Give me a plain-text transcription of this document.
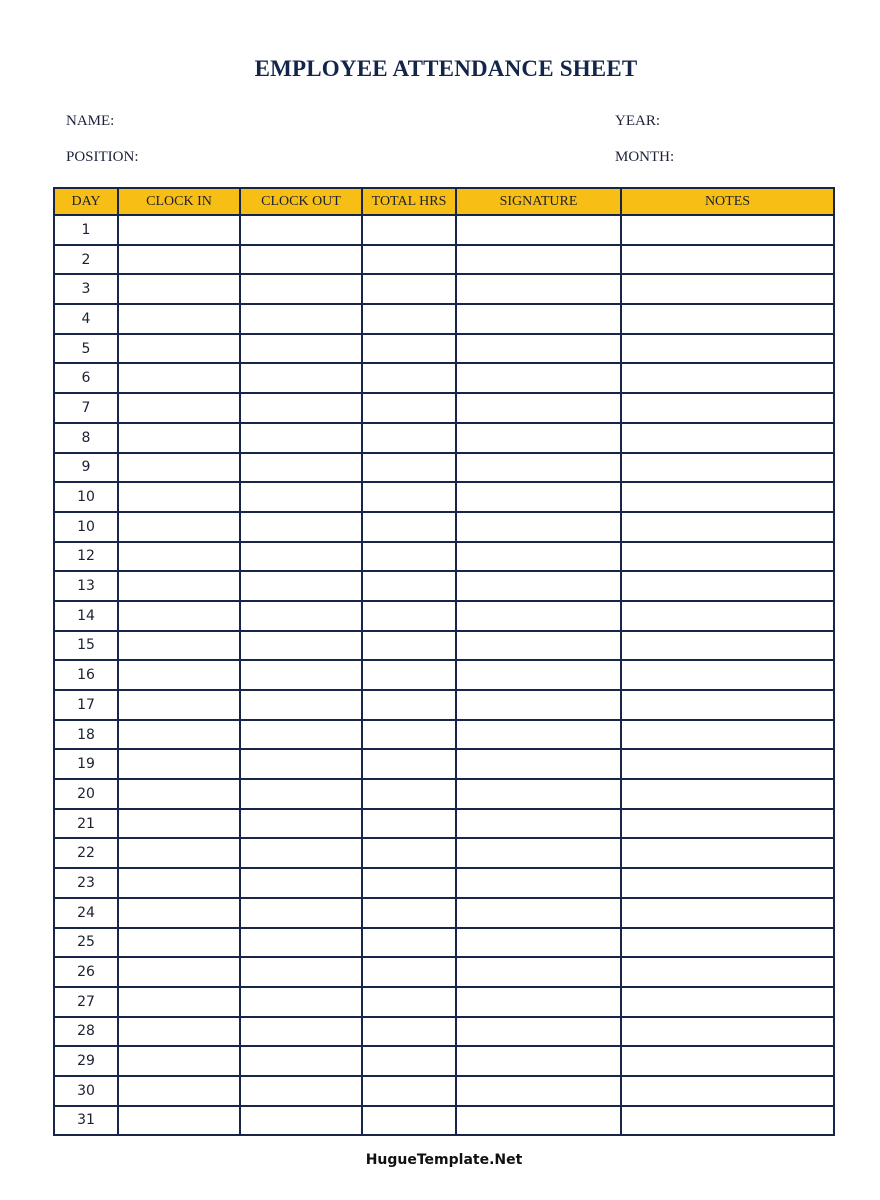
EMPLOYEE ATTENDANCE SHEET
NAME:
POSITION:
YEAR:
MONTH:
DAY	CLOCK IN	CLOCK OUT	TOTAL HRS	SIGNATURE	NOTES
1					
2					
3					
4					
5					
6					
7					
8					
9					
10					
10					
12					
13					
14					
15					
16					
17					
18					
19					
20					
21					
22					
23					
24					
25					
26					
27					
28					
29					
30					
31					
HugueTemplate.Net
